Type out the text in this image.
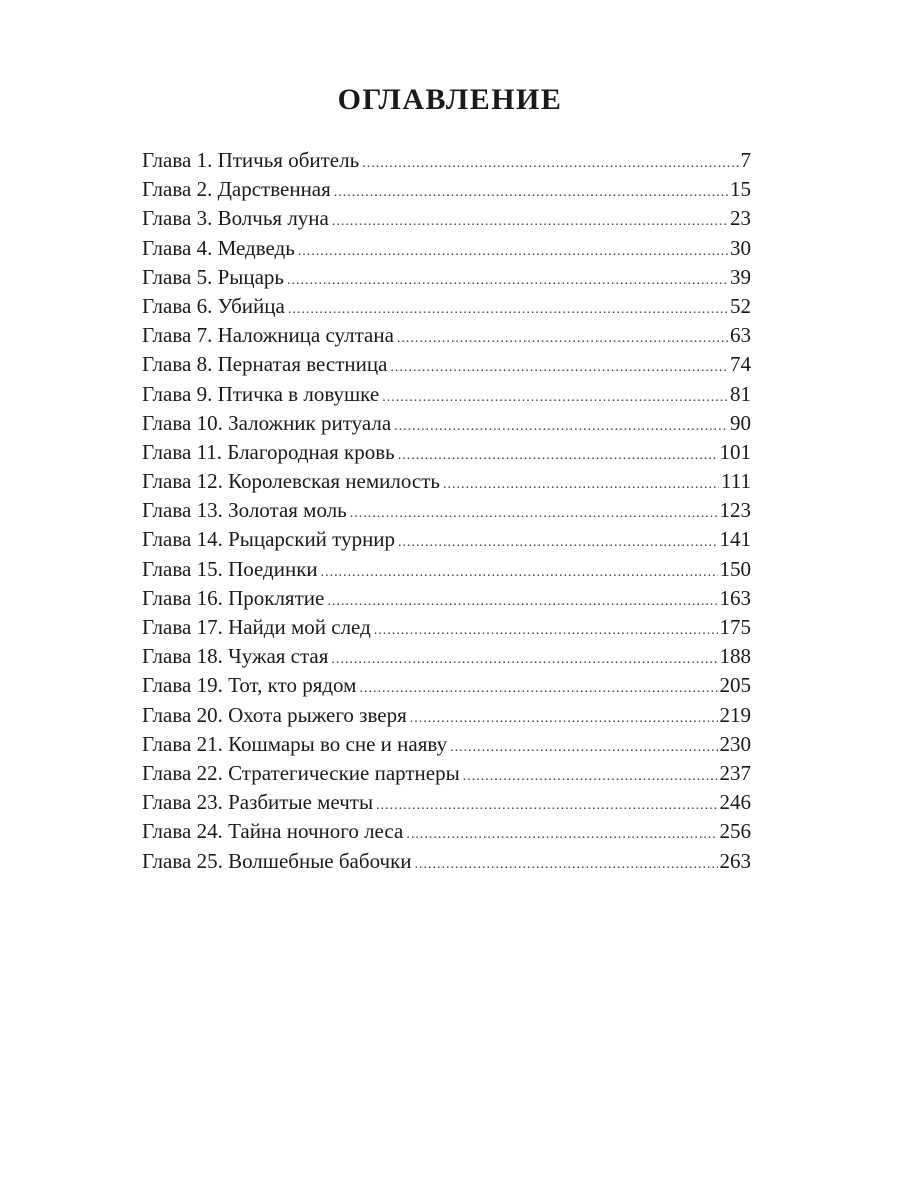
ОГЛАВЛЕНИЕ
Глава 1. Птичья обитель .....	7
Глава 2. Дарственная .....	15
Глава 3. Волчья луна .....	23
Глава 4. Медведь .....	30
Глава 5. Рыцарь .....	39
Глава 6. Убийца .....	52
Глава 7. Наложница султана .....	63
Глава 8. Пернатая вестница .....	74
Глава 9. Птичка в ловушке .....	81
Глава 10. Заложник ритуала .....	90
Глава 11. Благородная кровь .....	101
Глава 12. Королевская немилость .....	111
Глава 13. Золотая моль .....	123
Глава 14. Рыцарский турнир .....	141
Глава 15. Поединки .....	150
Глава 16. Проклятие .....	163
Глава 17. Найди мой след .....	175
Глава 18. Чужая стая .....	188
Глава 19. Тот, кто рядом .....	205
Глава 20. Охота рыжего зверя .....	219
Глава 21. Кошмары во сне и наяву .....	230
Глава 22. Стратегические партнеры .....	237
Глава 23. Разбитые мечты .....	246
Глава 24. Тайна ночного леса .....	256
Глава 25. Волшебные бабочки .....	263
